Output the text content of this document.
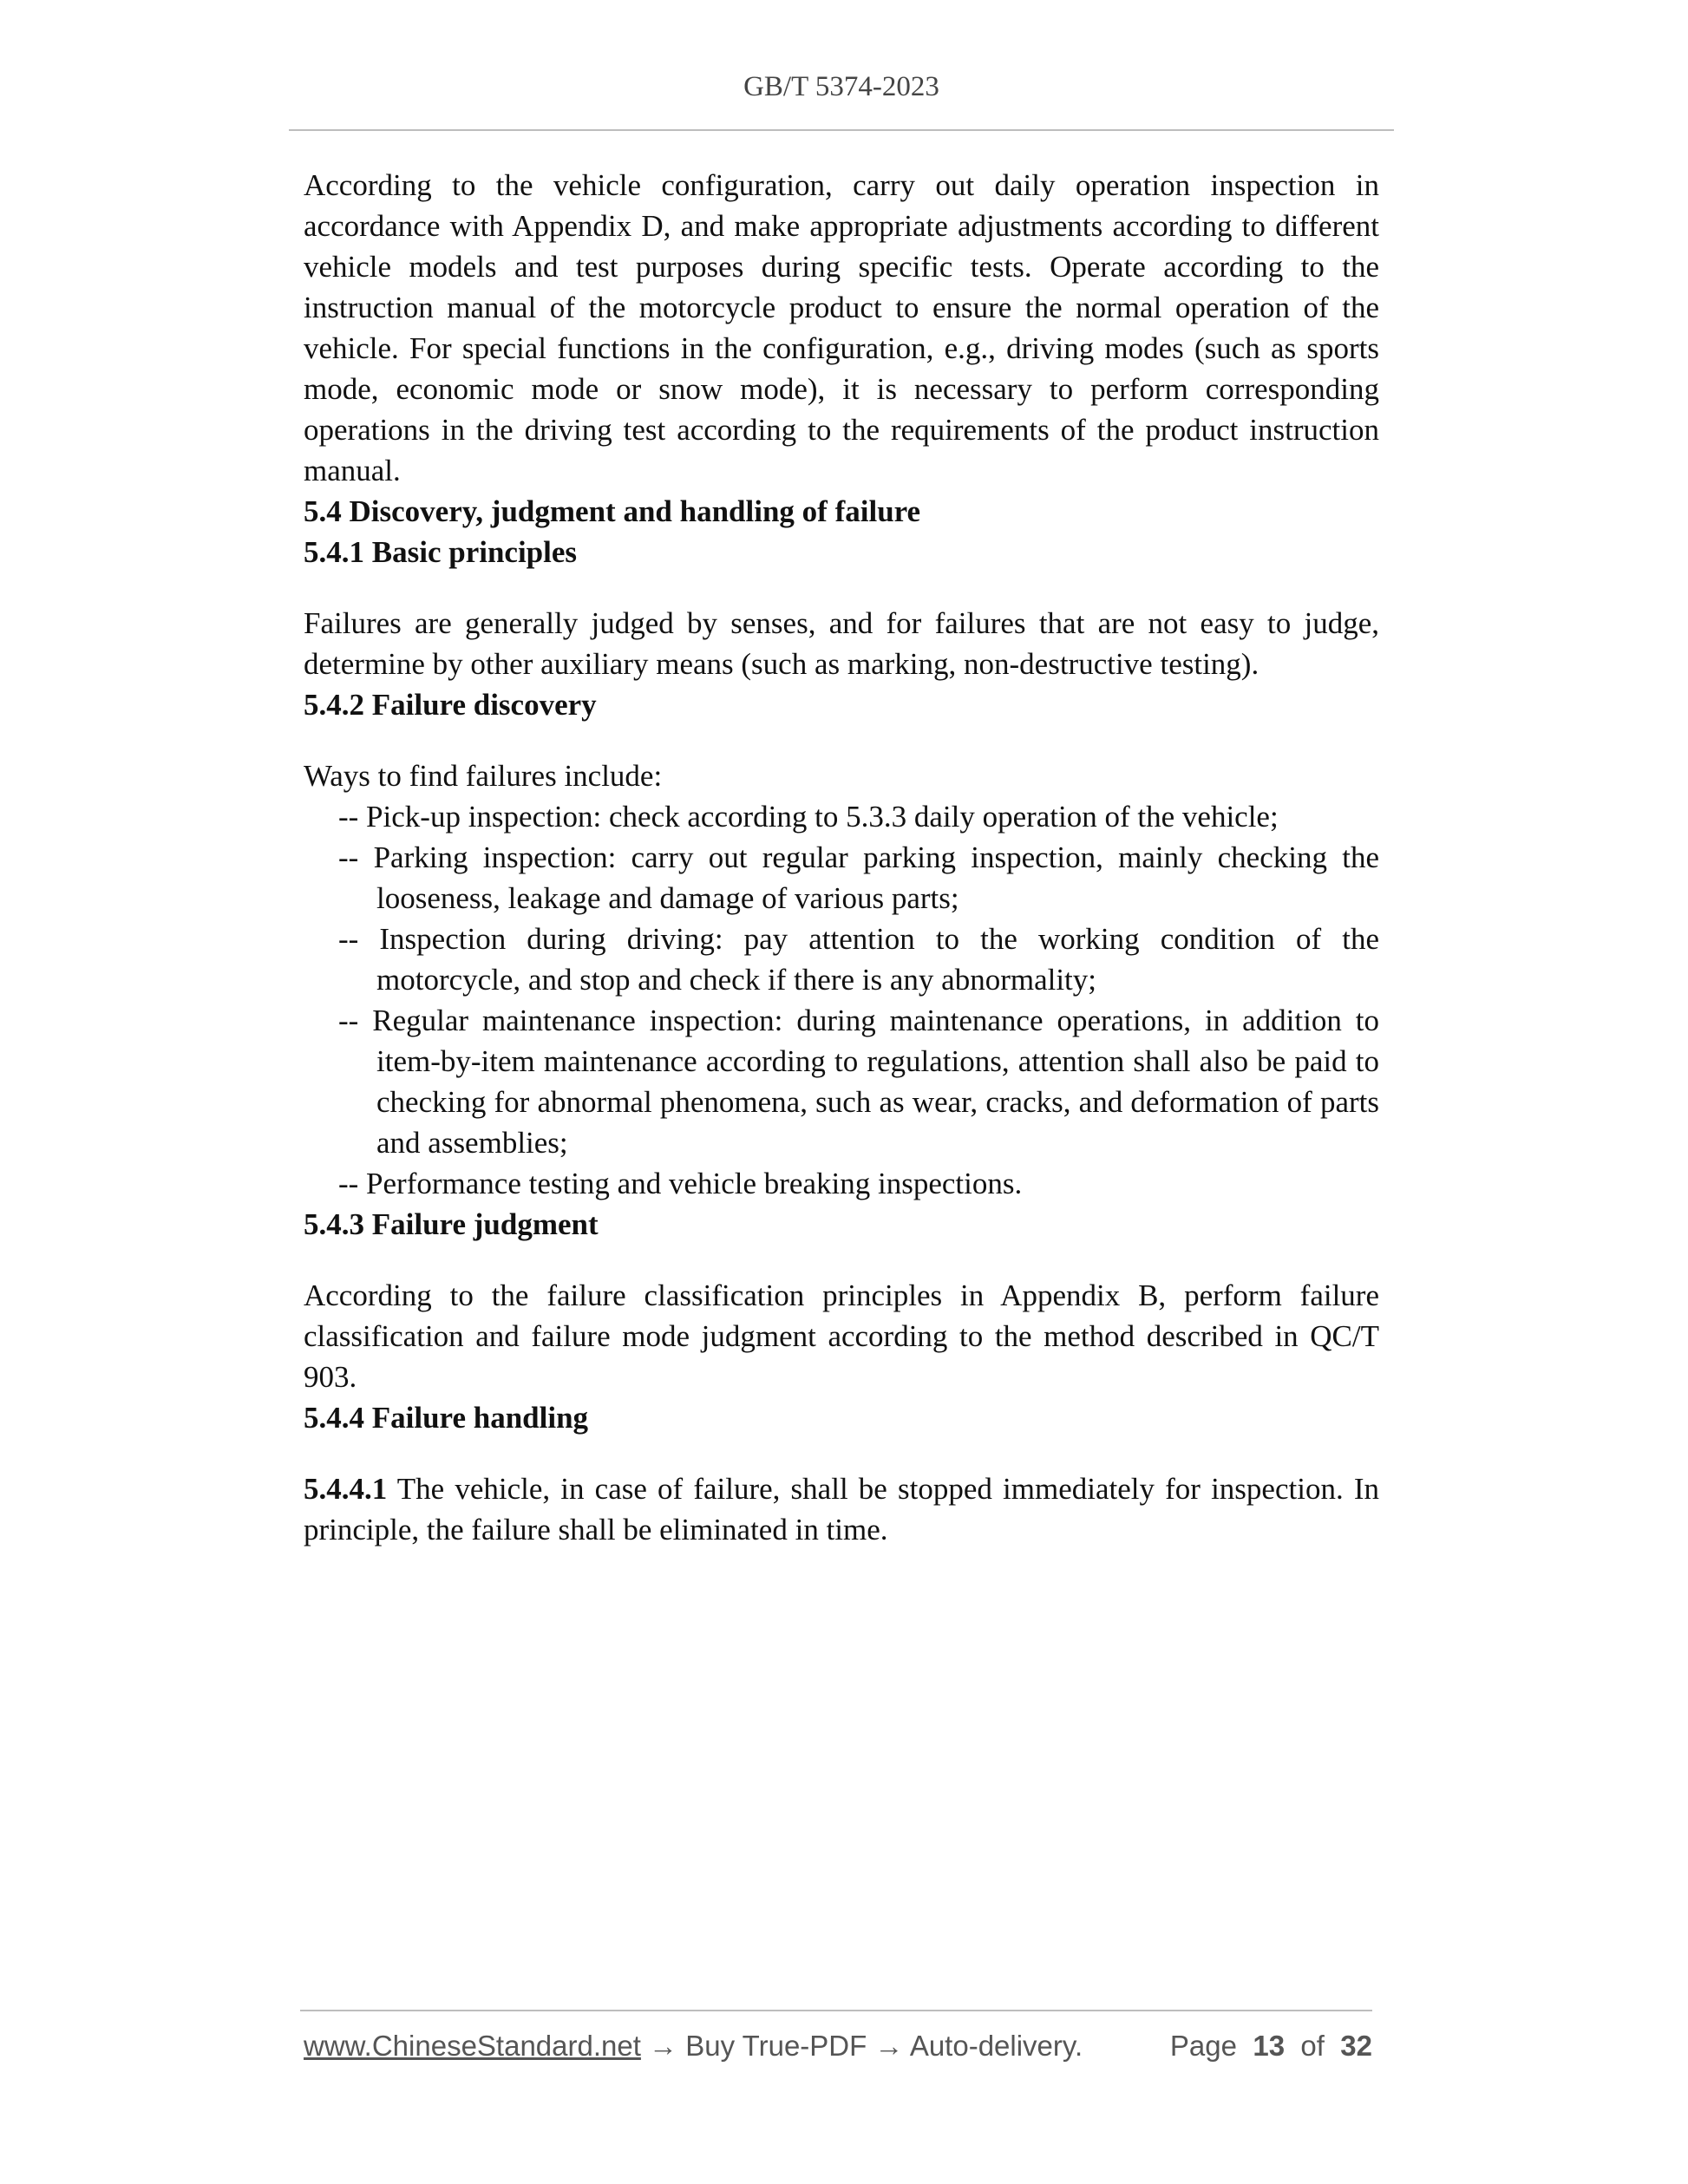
GB/T 5374-2023

According to the vehicle configuration, carry out daily operation inspection in accordance with Appendix D, and make appropriate adjustments according to different vehicle models and test purposes during specific tests. Operate according to the instruction manual of the motorcycle product to ensure the normal operation of the vehicle. For special functions in the configuration, e.g., driving modes (such as sports mode, economic mode or snow mode), it is necessary to perform corresponding operations in the driving test according to the requirements of the product instruction manual.

5.4 Discovery, judgment and handling of failure

5.4.1 Basic principles

Failures are generally judged by senses, and for failures that are not easy to judge, determine by other auxiliary means (such as marking, non-destructive testing).

5.4.2 Failure discovery

Ways to find failures include:

-- Pick-up inspection: check according to 5.3.3 daily operation of the vehicle;

-- Parking inspection: carry out regular parking inspection, mainly checking the looseness, leakage and damage of various parts;

-- Inspection during driving: pay attention to the working condition of the motorcycle, and stop and check if there is any abnormality;

-- Regular maintenance inspection: during maintenance operations, in addition to item-by-item maintenance according to regulations, attention shall also be paid to checking for abnormal phenomena, such as wear, cracks, and deformation of parts and assemblies;

-- Performance testing and vehicle breaking inspections.

5.4.3 Failure judgment

According to the failure classification principles in Appendix B, perform failure classification and failure mode judgment according to the method described in QC/T 903.

5.4.4 Failure handling

5.4.4.1 The vehicle, in case of failure, shall be stopped immediately for inspection. In principle, the failure shall be eliminated in time.

www.ChineseStandard.net → Buy True-PDF → Auto-delivery.	Page 13 of 32
